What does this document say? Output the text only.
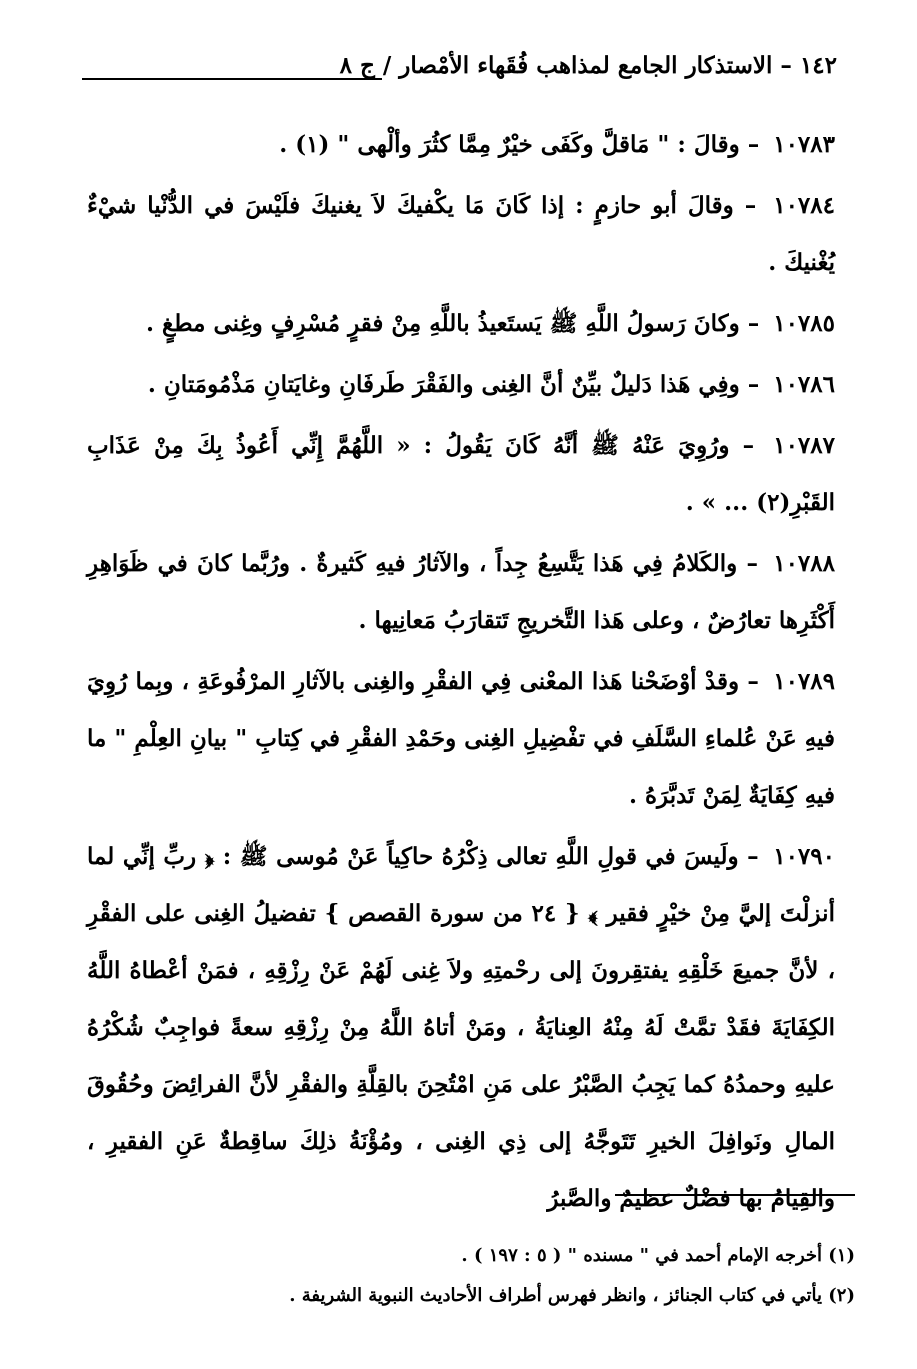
١٤٢ – الاستذكار الجامع لمذاهب فُقَهاء الأمْصار / ج ٨

١٠٧٨٣ – وقالَ : " مَاقلَّ وكَفَى خيْرٌ مِمَّا كثُرَ وألْهى " (١) .

١٠٧٨٤ – وقالَ أبو حازمٍ : إذا كَانَ مَا يكْفيكَ لاَ يغنيكَ فلَيْسَ في الدُّنْيا شيْءٌ يُغْنيكَ .

١٠٧٨٥ – وكانَ رَسولُ اللَّهِ ﷺ يَستَعيذُ باللَّهِ مِنْ فقرٍ مُسْرِفٍ وغِنى مطغٍ .

١٠٧٨٦ – وفِي هَذا دَليلٌ بيِّنٌ أنَّ الغِنى والفَقْرَ طَرفَانِ وغايَتانِ مَذْمُومَتانِ .

١٠٧٨٧ – ورُوِيَ عَنْهُ ﷺ أنَّهُ كَانَ يَقُولُ : « اللَّهُمَّ إِنِّي أَعُوذُ بِكَ مِنْ عَذَابِ القَبْرِ(٢) ... » .

١٠٧٨٨ – والكَلامُ فِي هَذا يَتَّسِعُ جِداً ، والآثارُ فيهِ كَثيرةٌ . ورُبَّما كانَ في ظَوَاهِرِ أَكْثَرِها تعارُضٌ ، وعلى هَذا التَّخريجِ تَتقارَبُ مَعانِيها .

١٠٧٨٩ – وقدْ أوْضَحْنا هَذا المعْنى فِي الفقْرِ والغِنى بالآثارِ المرْفُوعَةِ ، وبِما رُوِيَ فيهِ عَنْ عُلماءِ السَّلَفِ في تفْضِيلِ الغِنى وحَمْدِ الفقْرِ في كِتابِ " بيانِ العِلْمِ " ما فيهِ كِفَايَةٌ لِمَنْ تَدبَّرَهُ .

١٠٧٩٠ – ولَيسَ في قولِ اللَّهِ تعالى ذِكْرُهُ حاكِياً عَنْ مُوسى ﷺ : ﴿ ربِّ إنِّي لما أنزلْتَ إليَّ مِنْ خيْرٍ فقير ﴾ { ٢٤ من سورة القصص } تفضيلُ الغِنى على الفقْرِ ، لأنَّ جميعَ خَلْقِهِ يفتقِرونَ إلى رحْمتِهِ ولاَ غِنى لَهُمْ عَنْ رِزْقِهِ ، فمَنْ أعْطاهُ اللَّهُ الكِفَايَةَ فقَدْ تمَّتْ لَهُ مِنْهُ العِنايَةُ ، ومَنْ أتاهُ اللَّهُ مِنْ رِزْقِهِ سعةً فواجِبٌ شُكْرُهُ عليهِ وحمدُهُ كما يَجِبُ الصَّبْرُ على مَنِ امْتُحِنَ بالقِلَّةِ والفقْرِ لأنَّ الفرائِضَ وحُقُوقَ المالِ ونَوافِلَ الخيرِ تَتَوجَّهُ إلى ذِي الغِنى ، ومُؤْنَةُ ذلِكَ ساقِطةٌ عَنِ الفقيرِ ، والقِيامُ بها فضْلٌ عظيمٌ والصَّبرُ

(١) أخرجه الإمام أحمد في " مسنده " ( ٥ : ١٩٧ ) .

(٢) يأتي في كتاب الجنائز ، وانظر فهرس أطراف الأحاديث النبوية الشريفة .
